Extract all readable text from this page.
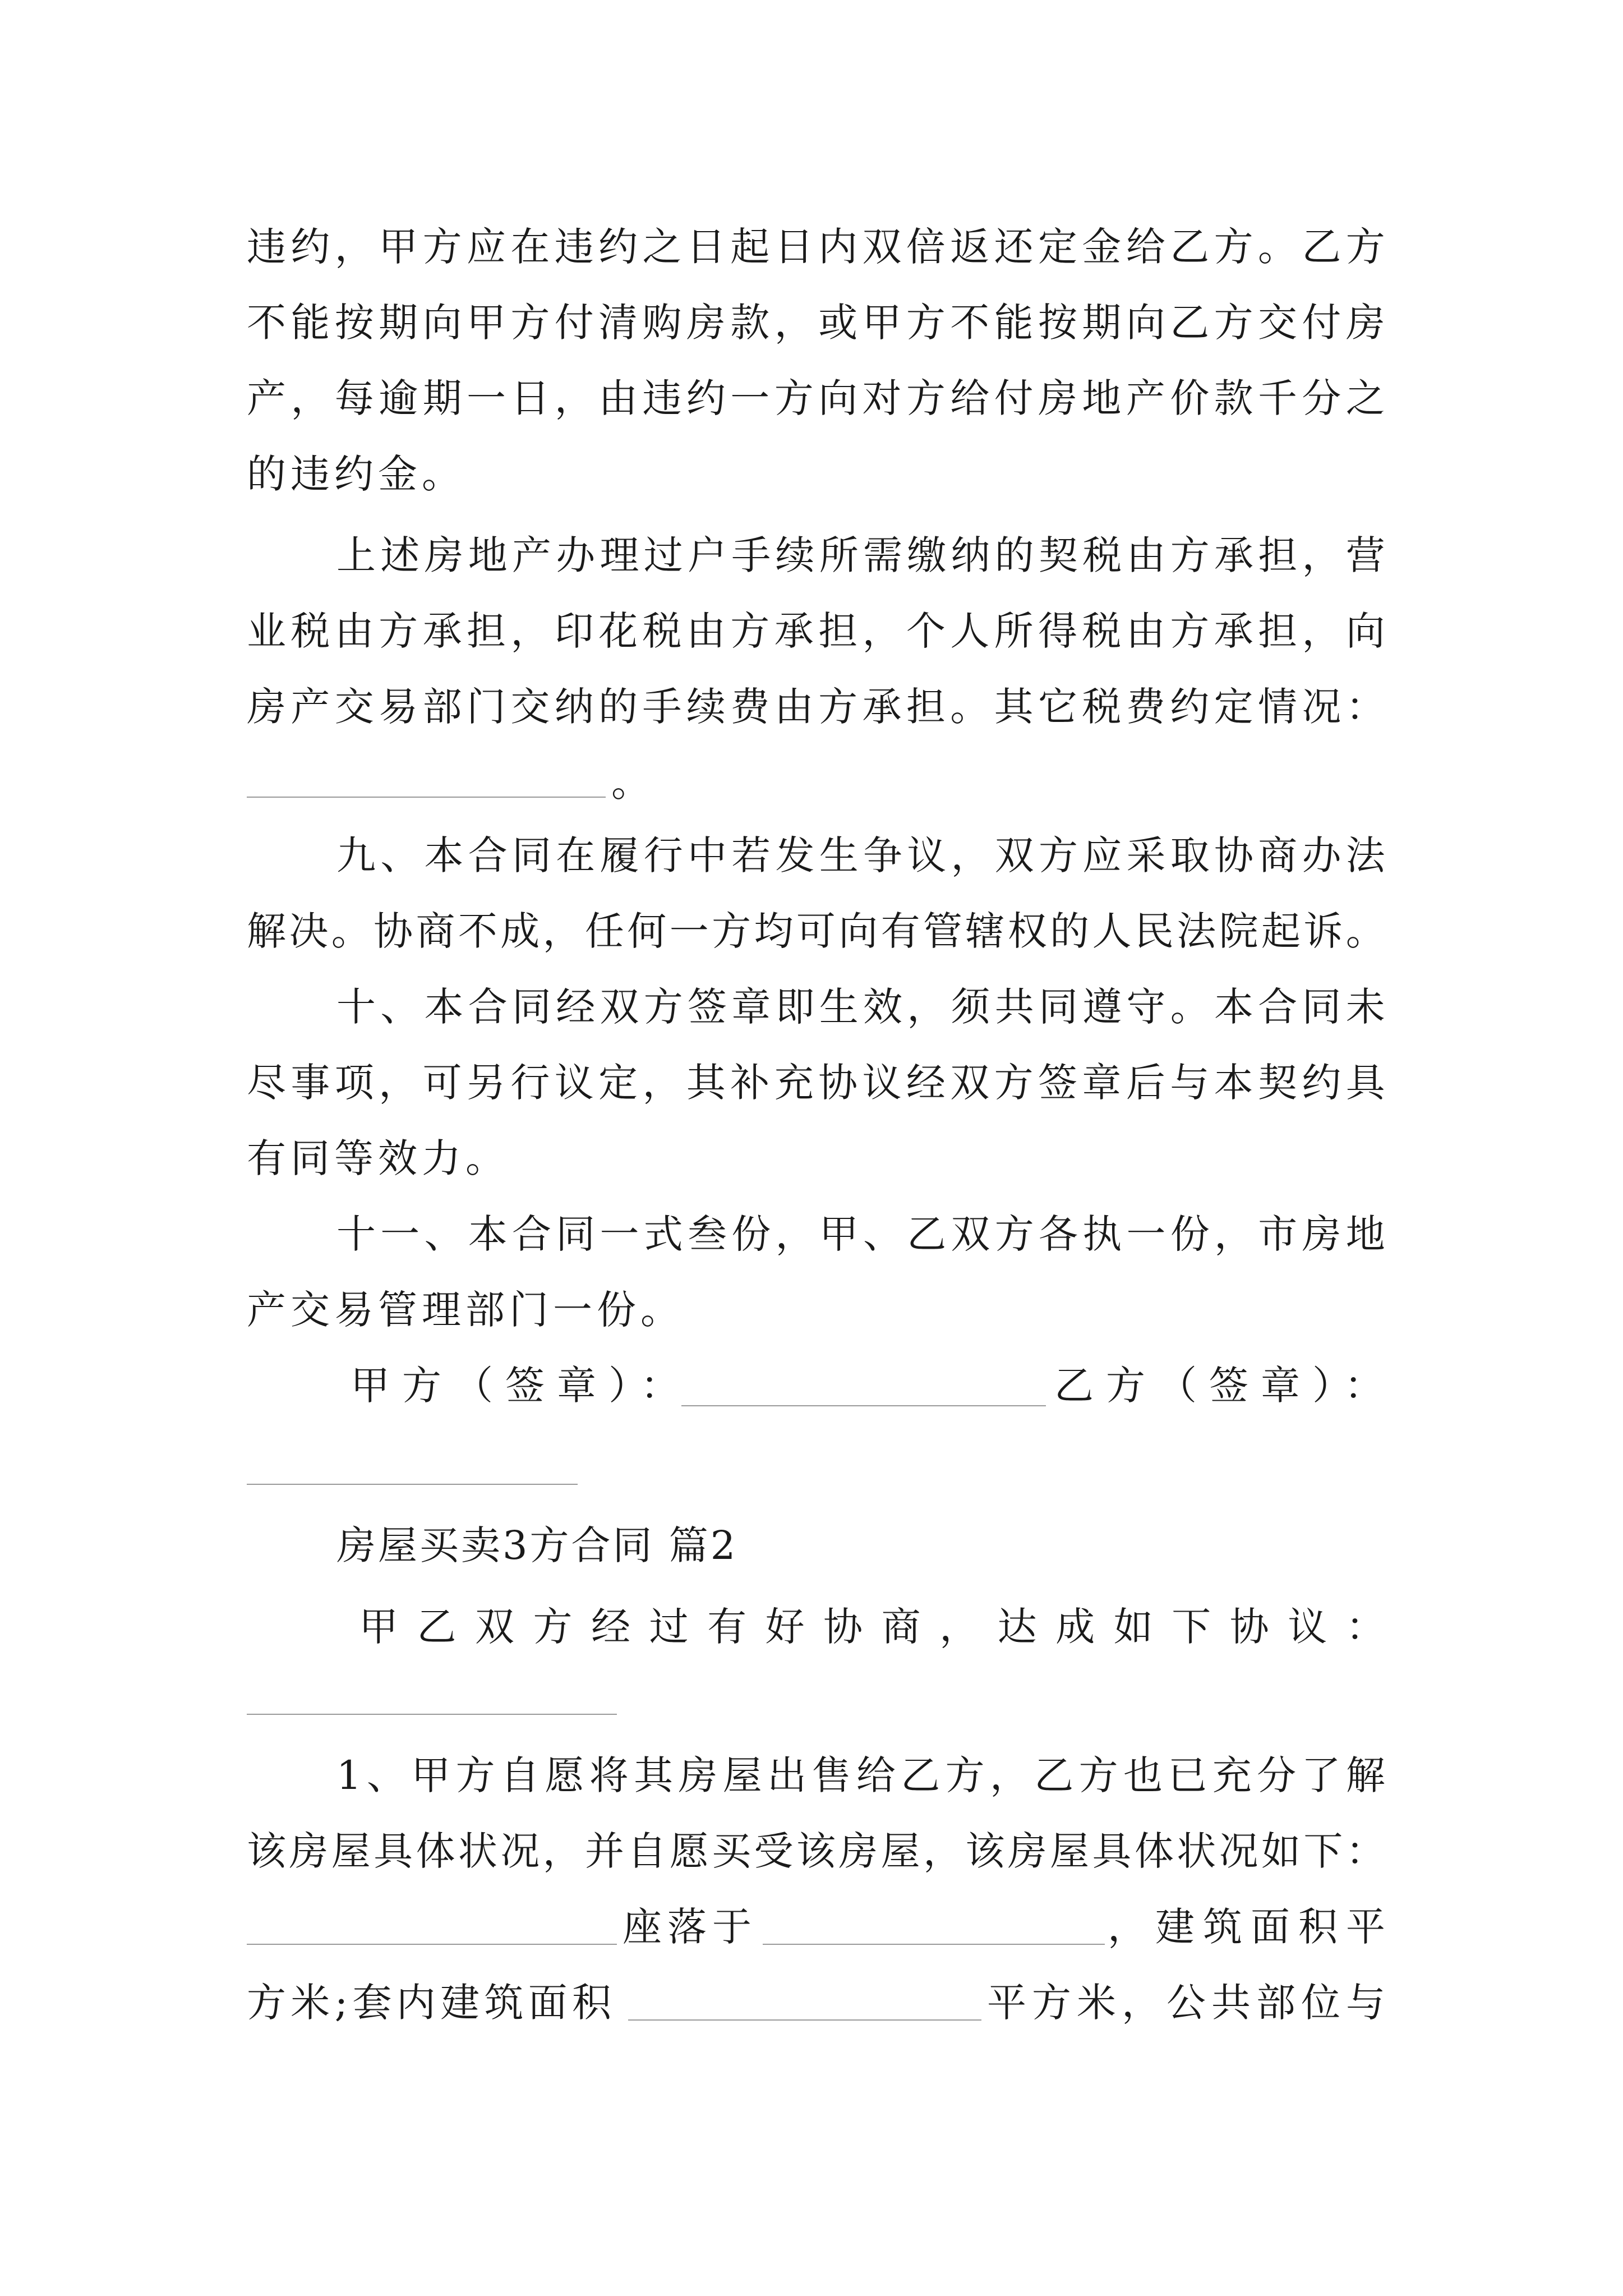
违 约 ， 甲 方 应 在 违 约 之 日 起 日 内 双 倍 返 还 定 金 给 乙 方 。 乙 方
不 能 按 期 向 甲 方 付 清 购 房 款 ， 或 甲 方 不 能 按 期 向 乙 方 交 付 房
产 ， 每 逾 期 一 日 ， 由 违 约 一 方 向 对 方 给 付 房 地 产 价 款 千 分 之
的违约金。
上 述 房 地 产 办 理 过 户 手 续 所 需 缴 纳 的 契 税 由 方 承 担 ， 营
业 税 由 方 承 担 ， 印 花 税 由 方 承 担 ， 个 人 所 得 税 由 方 承 担 ， 向
房 产 交 易 部 门 交 纳 的 手 续 费 由 方 承 担 。 其 它 税 费 约 定 情 况 ：
。
九 、 本 合 同 在 履 行 中 若 发 生 争 议 ， 双 方 应 采 取 协 商 办 法
解 决 。 协 商 不 成 ， 任 何 一 方 均 可 向 有 管 辖 权 的 人 民 法 院 起 诉 。
十 、 本 合 同 经 双 方 签 章 即 生 效 ， 须 共 同 遵 守 。 本 合 同 未
尽 事 项 ， 可 另 行 议 定 ， 其 补 充 协 议 经 双 方 签 章 后 与 本 契 约 具
有同等效力。
十 一 、 本 合 同 一 式 叁 份 ， 甲 、 乙 双 方 各 执 一 份 ， 市 房 地
产交易管理部门一份。
甲方（签章）：	乙方（签章）：
房屋买卖3方合同 篇2
甲 乙 双 方 经 过 有 好 协 商 ， 达 成 如 下 协 议 ：
1 、 甲 方 自 愿 将 其 房 屋 出 售 给 乙 方 ， 乙 方 也 已 充 分 了 解
该 房 屋 具 体 状 况 ， 并 自 愿 买 受 该 房 屋 ， 该 房 屋 具 体 状 况 如 下 ：
座落于	， 建 筑 面 积 平
方 米 ; 套 内 建 筑 面 积	平 方 米 ， 公 共 部 位 与
